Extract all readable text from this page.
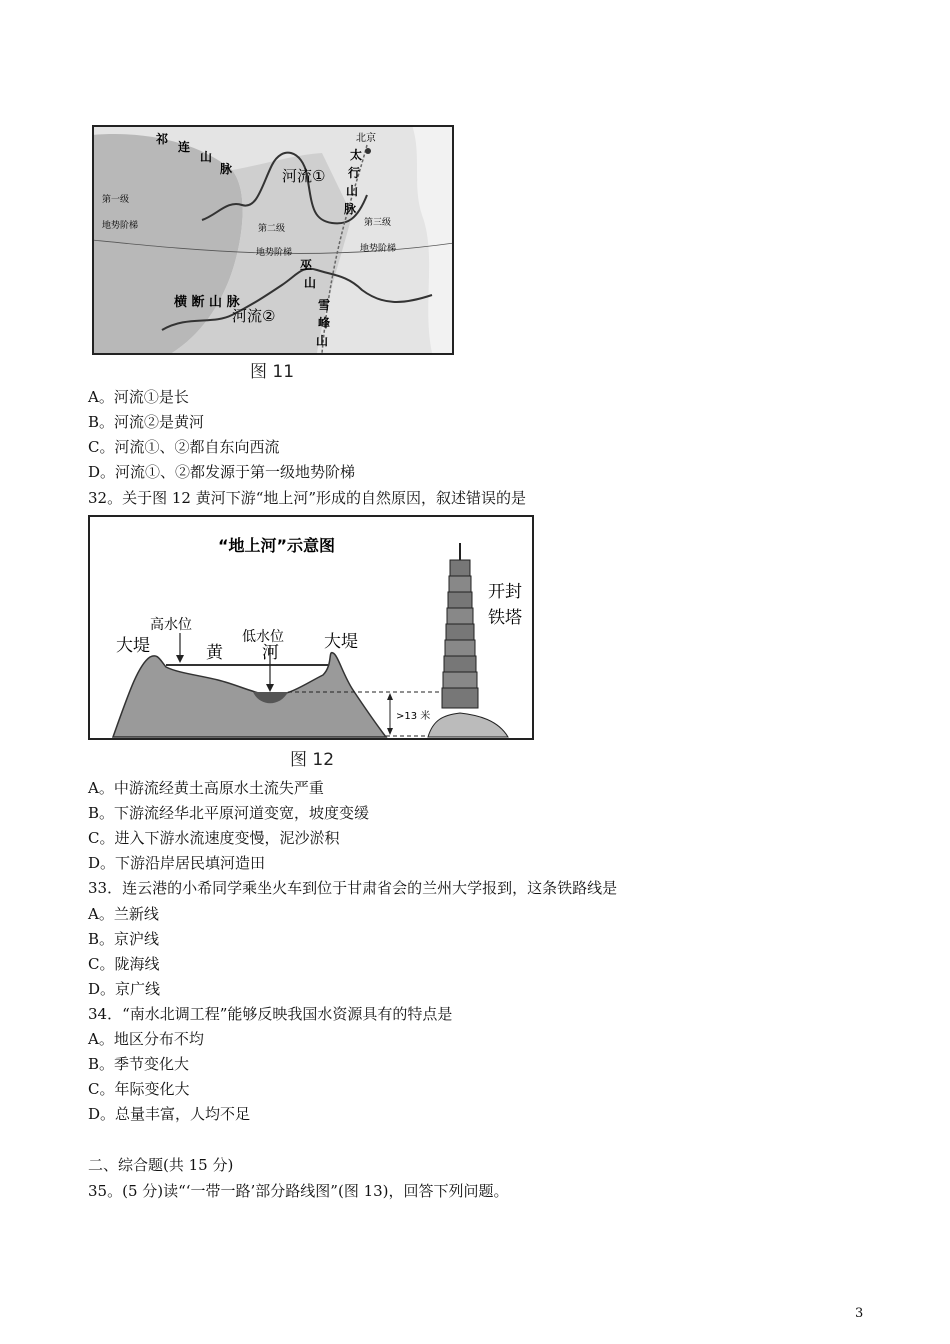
祁
连
山
脉
北京
太
行
山
脉
河流①
第一级
地势阶梯	第二级
地势阶梯
第三级
地势阶梯
巫
山
雪
峰
山
横 断 山 脉
河流②
图 11
A。河流①是长
B。河流②是黄河
C。河流①、②都自东向西流
D。河流①、②都发源于第一级地势阶梯
32。关于图 12 黄河下游“地上河”形成的自然原因，叙述错误的是
“地上河”示意图
高水位
低水位
大堤	大堤
黄 河
>13 米
开封
铁塔
图 12
A。中游流经黄土高原水土流失严重
B。下游流经华北平原河道变宽，坡度变缓
C。进入下游水流速度变慢，泥沙淤积
D。下游沿岸居民填河造田
33．连云港的小希同学乘坐火车到位于甘肃省会的兰州大学报到，这条铁路线是
A。兰新线
B。京沪线
C。陇海线
D。京广线
34．“南水北调工程”能够反映我国水资源具有的特点是
A。地区分布不均
B。季节变化大
C。年际变化大
D。总量丰富，人均不足
二、综合题(共 15 分)
35。(5 分)读“‘一带一路’部分路线图”(图 13)，回答下列问题。
3
